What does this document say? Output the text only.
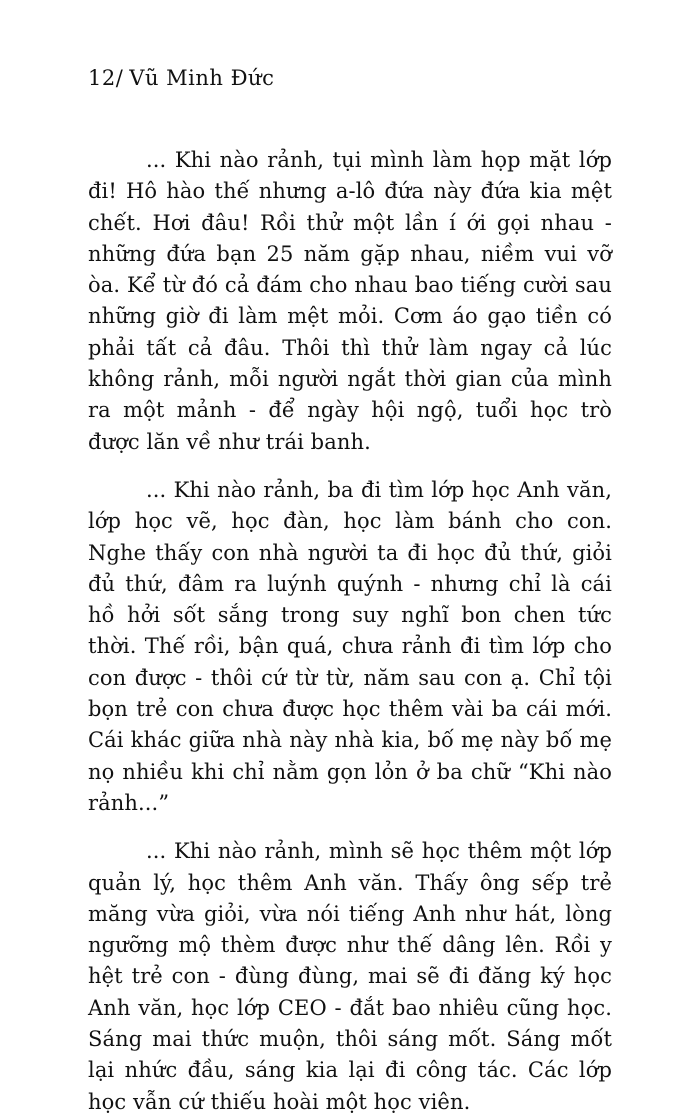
12/ Vũ Minh Đức

... Khi nào rảnh, tụi mình làm họp mặt lớp đi! Hô hào thế nhưng a-lô đứa này đứa kia mệt chết. Hơi đâu! Rồi thử một lần í ới gọi nhau - những đứa bạn 25 năm gặp nhau, niềm vui vỡ òa. Kể từ đó cả đám cho nhau bao tiếng cười sau những giờ đi làm mệt mỏi. Cơm áo gạo tiền có phải tất cả đâu. Thôi thì thử làm ngay cả lúc không rảnh, mỗi người ngắt thời gian của mình ra một mảnh - để ngày hội ngộ, tuổi học trò được lăn về như trái banh.

... Khi nào rảnh, ba đi tìm lớp học Anh văn, lớp học vẽ, học đàn, học làm bánh cho con. Nghe thấy con nhà người ta đi học đủ thứ, giỏi đủ thứ, đâm ra luýnh quýnh - nhưng chỉ là cái hồ hởi sốt sắng trong suy nghĩ bon chen tức thời. Thế rồi, bận quá, chưa rảnh đi tìm lớp cho con được - thôi cứ từ từ, năm sau con ạ. Chỉ tội bọn trẻ con chưa được học thêm vài ba cái mới. Cái khác giữa nhà này nhà kia, bố mẹ này bố mẹ nọ nhiều khi chỉ nằm gọn lỏn ở ba chữ “Khi nào rảnh...”

... Khi nào rảnh, mình sẽ học thêm một lớp quản lý, học thêm Anh văn. Thấy ông sếp trẻ măng vừa giỏi, vừa nói tiếng Anh như hát, lòng ngưỡng mộ thèm được như thế dâng lên. Rồi y hệt trẻ con - đùng đùng, mai sẽ đi đăng ký học Anh văn, học lớp CEO - đắt bao nhiêu cũng học. Sáng mai thức muộn, thôi sáng mốt. Sáng mốt lại nhức đầu, sáng kia lại đi công tác. Các lớp học vẫn cứ thiếu hoài một học viên.
